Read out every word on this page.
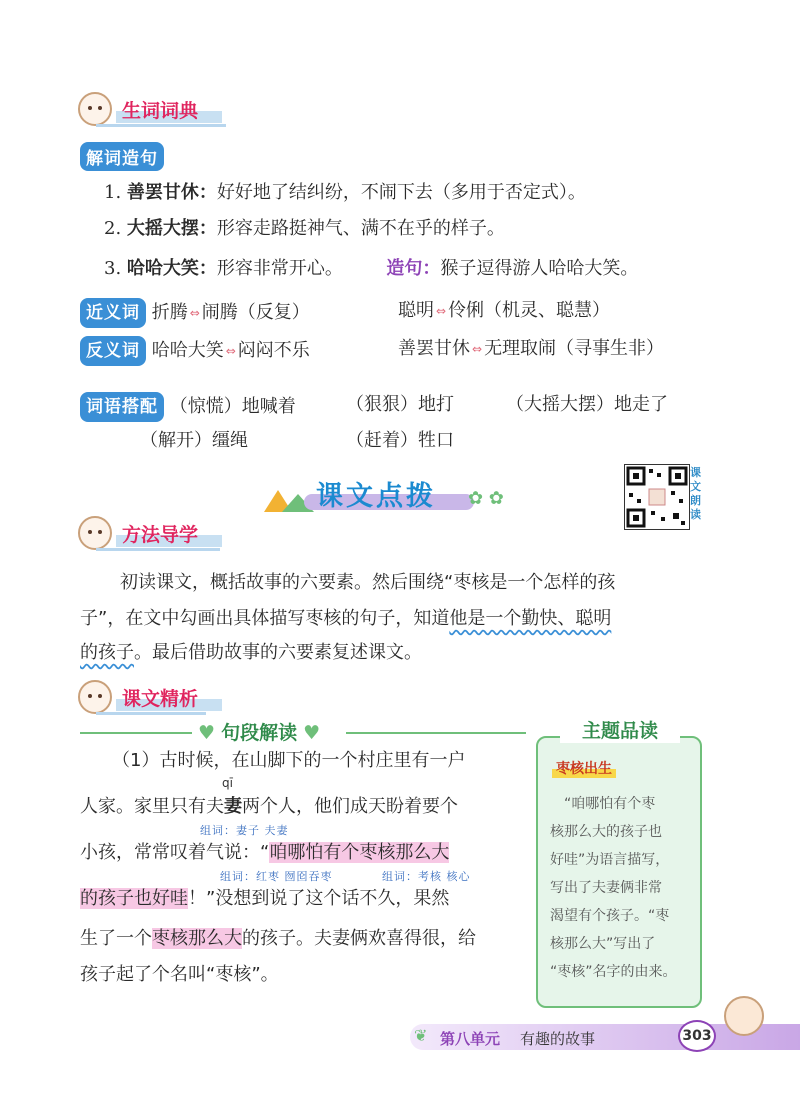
生词词典
解词造句
1. 善罢甘休：好好地了结纠纷，不闹下去（多用于否定式）。
2. 大摇大摆：形容走路挺神气、满不在乎的样子。
3. 哈哈大笑：形容非常开心。 造句：猴子逗得游人哈哈大笑。
近义词 折腾 ⇔ 闹腾（反复）	聪明 ⇔ 伶俐（机灵、聪慧）
反义词 哈哈大笑 ⇔ 闷闷不乐	善罢甘休 ⇔ 无理取闹（寻事生非）
词语搭配 （惊慌）地喊着	（狠狠）地打	（大摇大摆）地走了
（解开）缰绳	（赶着）牲口
课文点拨 ✿ ✿
课文朗读
方法导学
初读课文，概括故事的六要素。然后围绕“枣核是一个怎样的孩
子”，在文中勾画出具体描写枣核的句子，知道他是一个勤快、聪明
的孩子。最后借助故事的六要素复述课文。
课文精析
♥ 句段解读 ♥
（1）古时候，在山脚下的一个村庄里有一户
qī
人家。家里只有夫妻两个人，他们成天盼着要个
组词：妻子 夫妻
小孩，常常叹着气说：“咱哪怕有个枣核那么大
组词：红枣 囫囵吞枣	组词：考核 核心
的孩子也好哇！”没想到说了这个话不久，果然
生了一个枣核那么大的孩子。夫妻俩欢喜得很，给
孩子起了个名叫“枣核”。
主题品读
枣核出生
“咱哪怕有个枣
核那么大的孩子也
好哇”为语言描写，
写出了夫妻俩非常
渴望有个孩子。“枣
核那么大”写出了
“枣核”名字的由来。
❦ 第八单元 有趣的故事	303
